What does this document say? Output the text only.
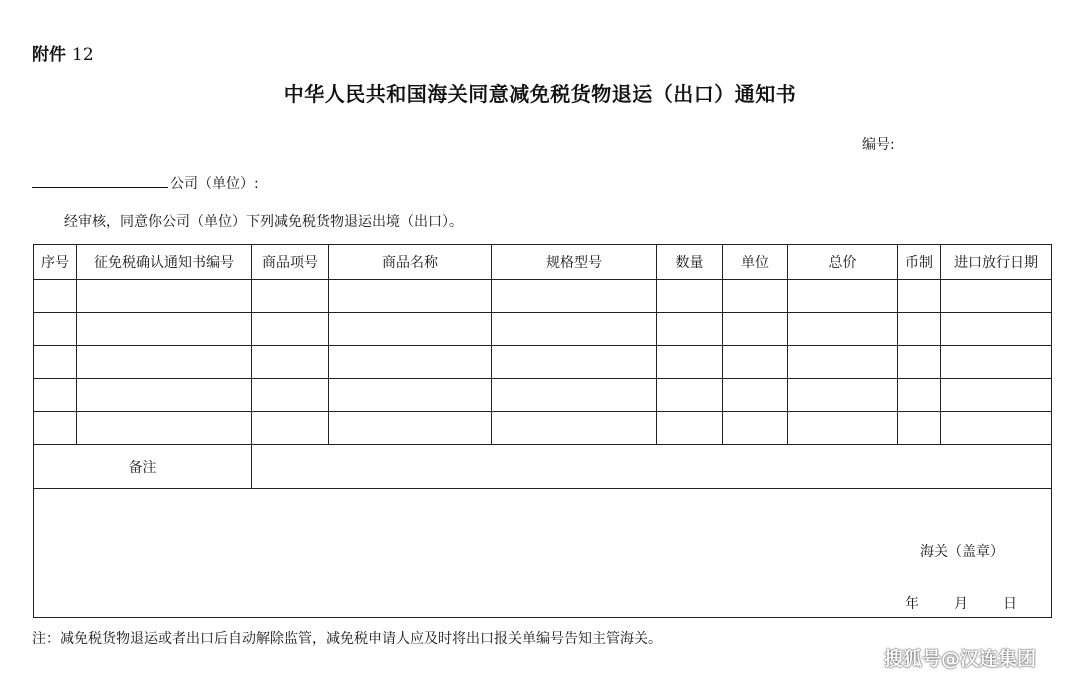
附件 12
中华人民共和国海关同意减免税货物退运（出口）通知书
编号:
公司（单位）:
经审核，同意你公司（单位）下列减免税货物退运出境（出口）。
序号	征免税确认通知书编号	商品项号	商品名称	规格型号	数量	单位	总价	币制	进口放行日期

备注									

海关（盖章）
年 月 日									
注：减免税货物退运或者出口后自动解除监管，减免税申请人应及时将出口报关单编号告知主管海关。
搜狐号@汉连集团
